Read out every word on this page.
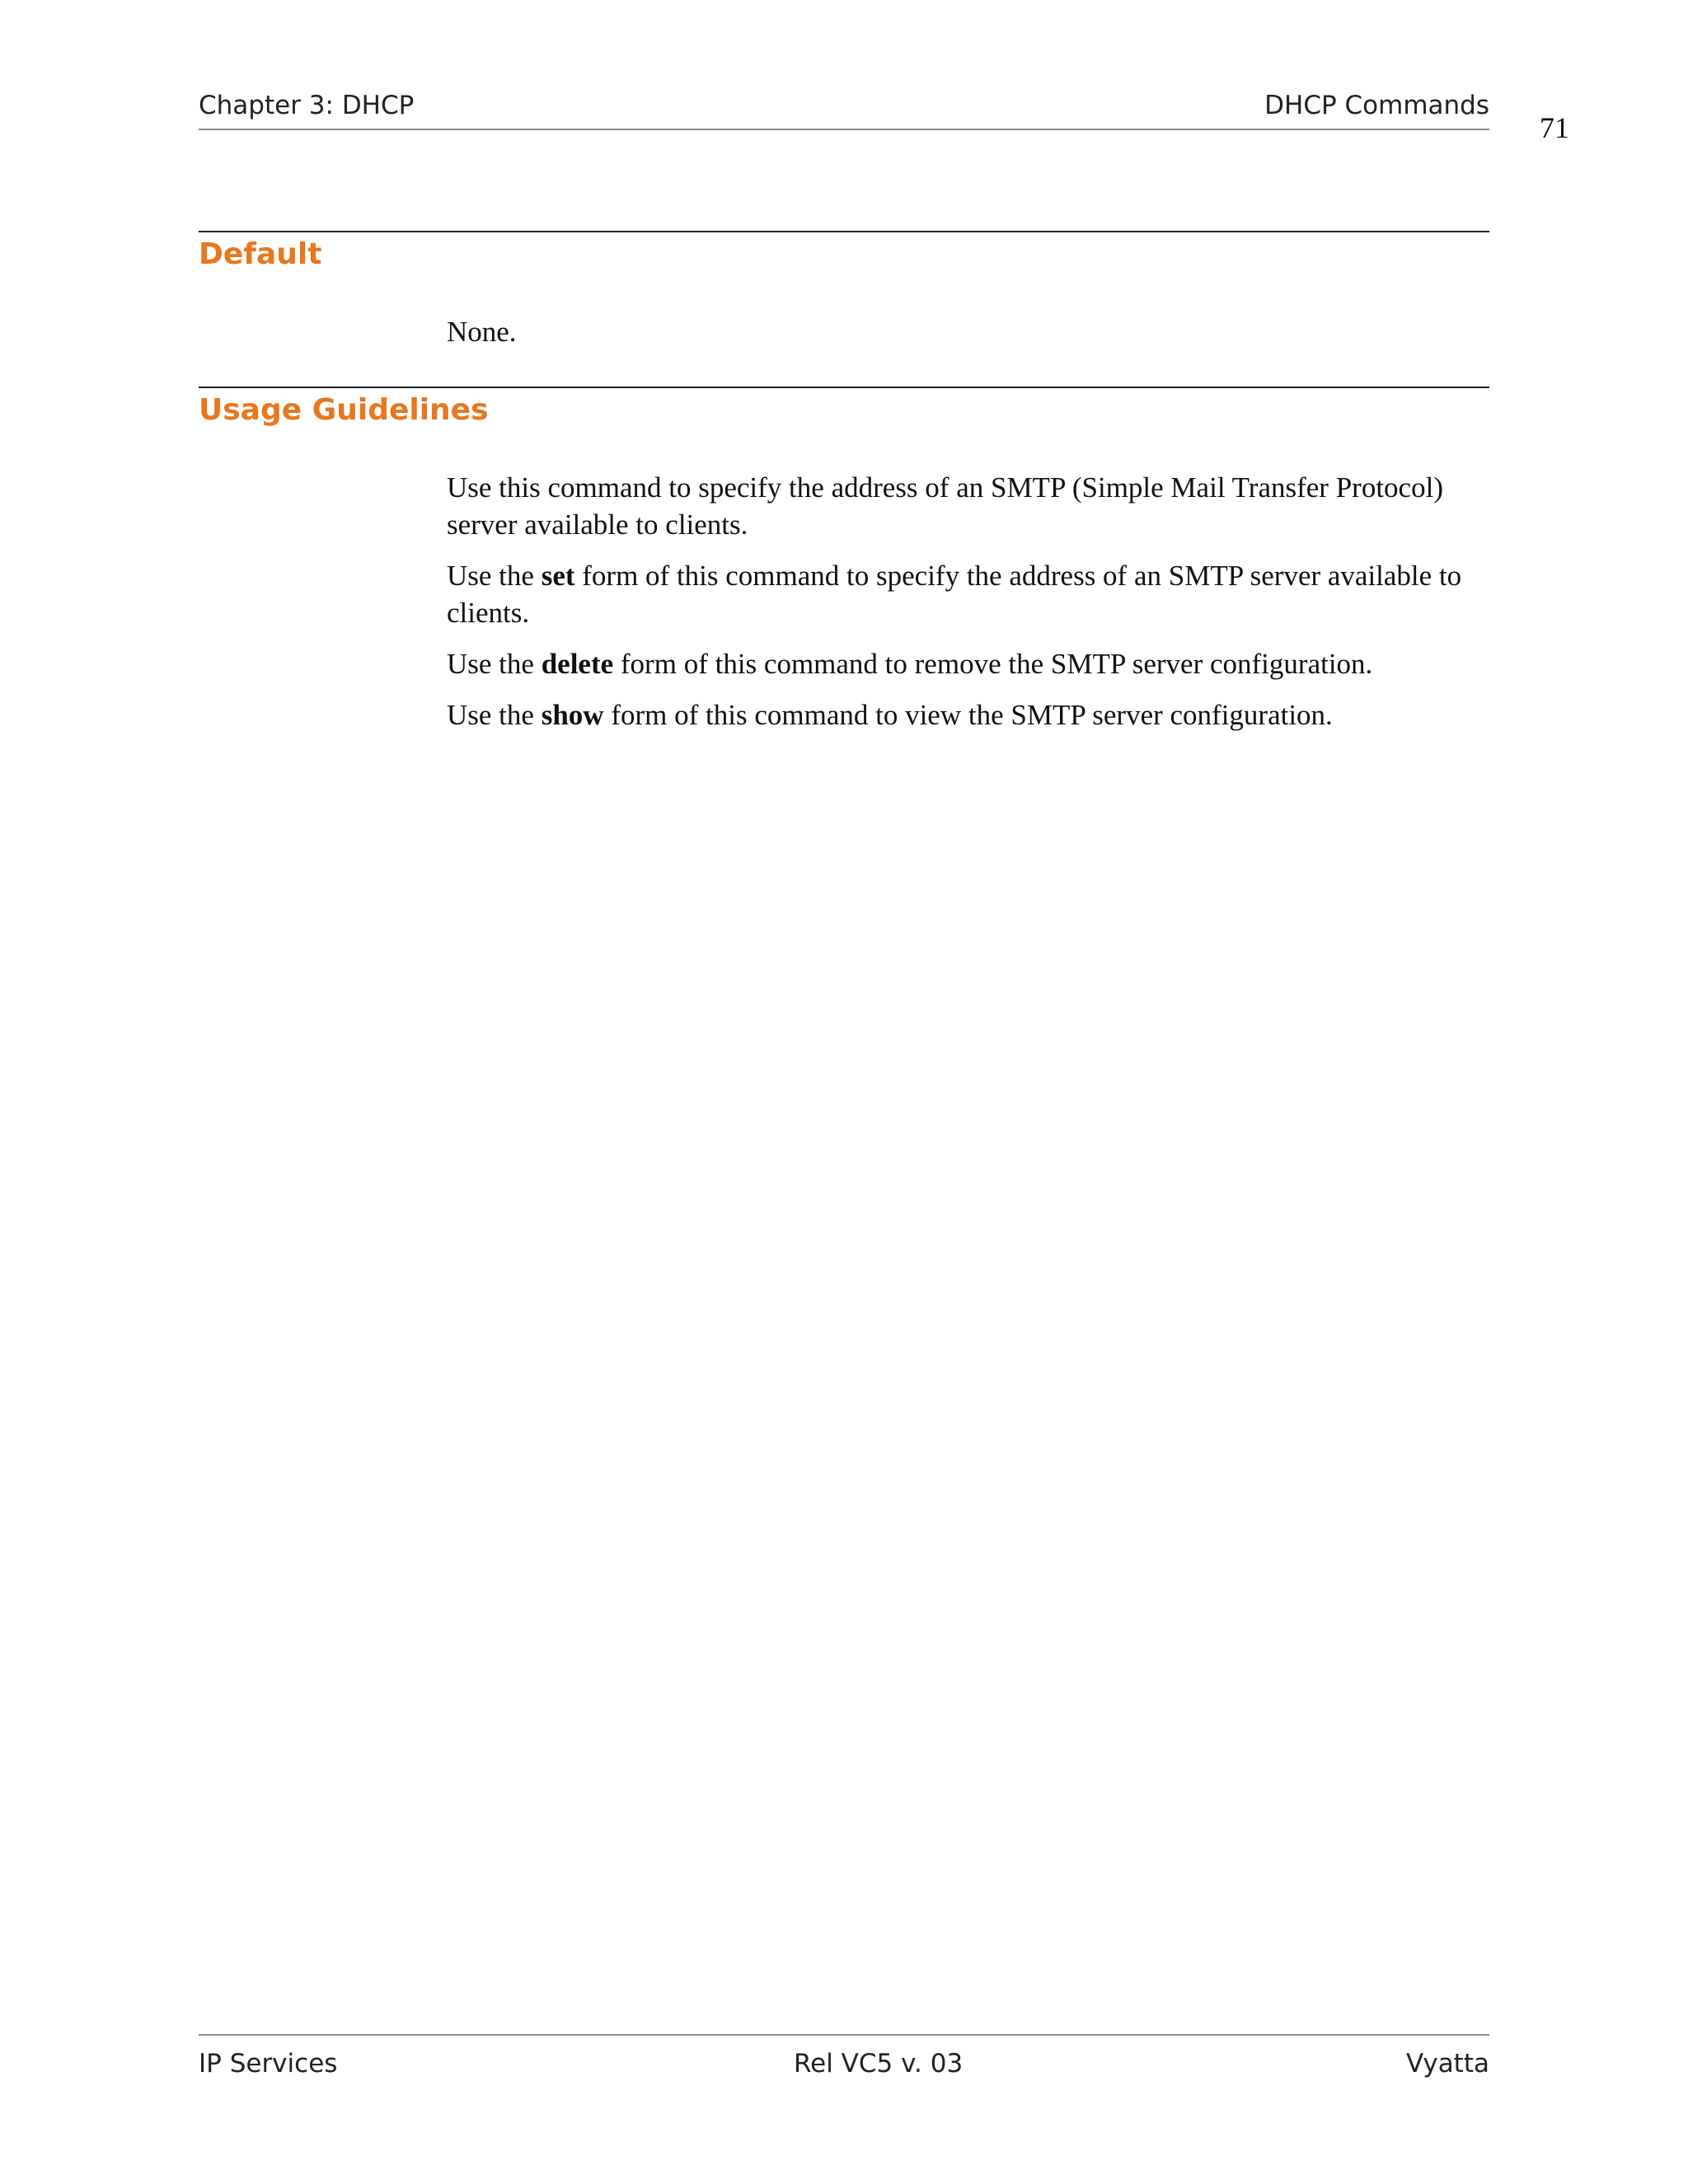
Chapter 3: DHCP	DHCP Commands
71
Default

None.

Usage Guidelines

Use this command to specify the address of an SMTP (Simple Mail Transfer Protocol) server available to clients.

Use the set form of this command to specify the address of an SMTP server available to clients.

Use the delete form of this command to remove the SMTP server configuration.

Use the show form of this command to view the SMTP server configuration.

IP Services	Rel VC5 v. 03	Vyatta
